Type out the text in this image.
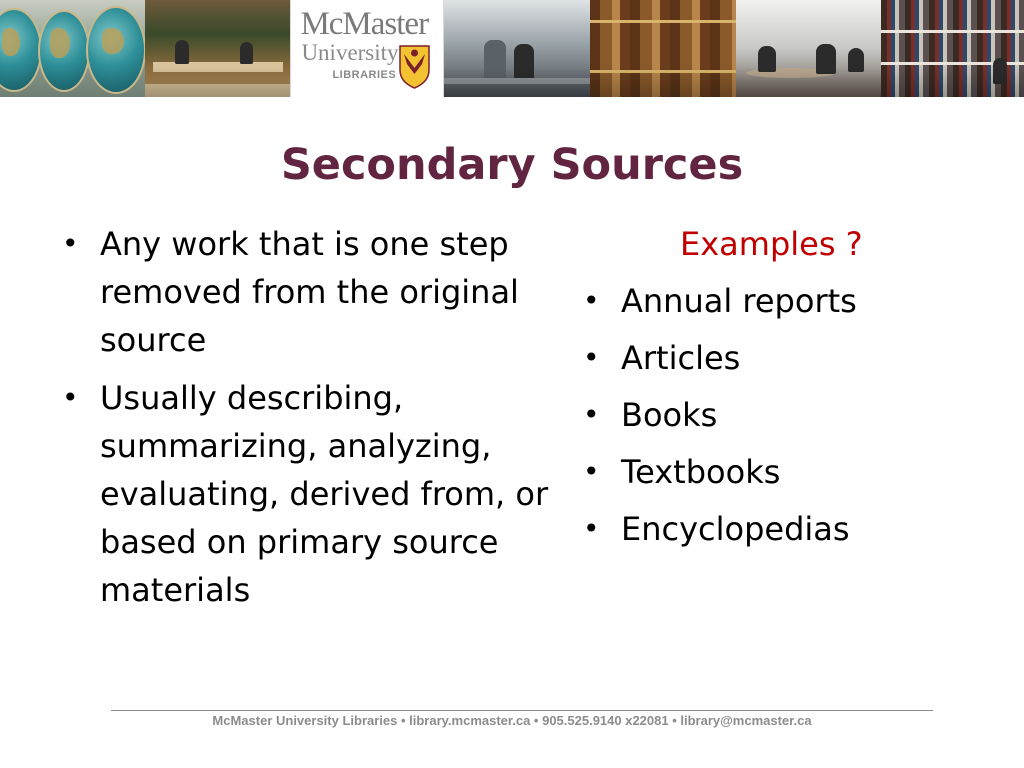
McMaster
University
LIBRARIES
Secondary Sources
• Any work that is one step removed from the original source
• Usually describing, summarizing, analyzing, evaluating, derived from, or based on primary source materials
Examples ?
• Annual reports
• Articles
• Books
• Textbooks
• Encyclopedias
McMaster University Libraries • library.mcmaster.ca • 905.525.9140 x22081 • library@mcmaster.ca
